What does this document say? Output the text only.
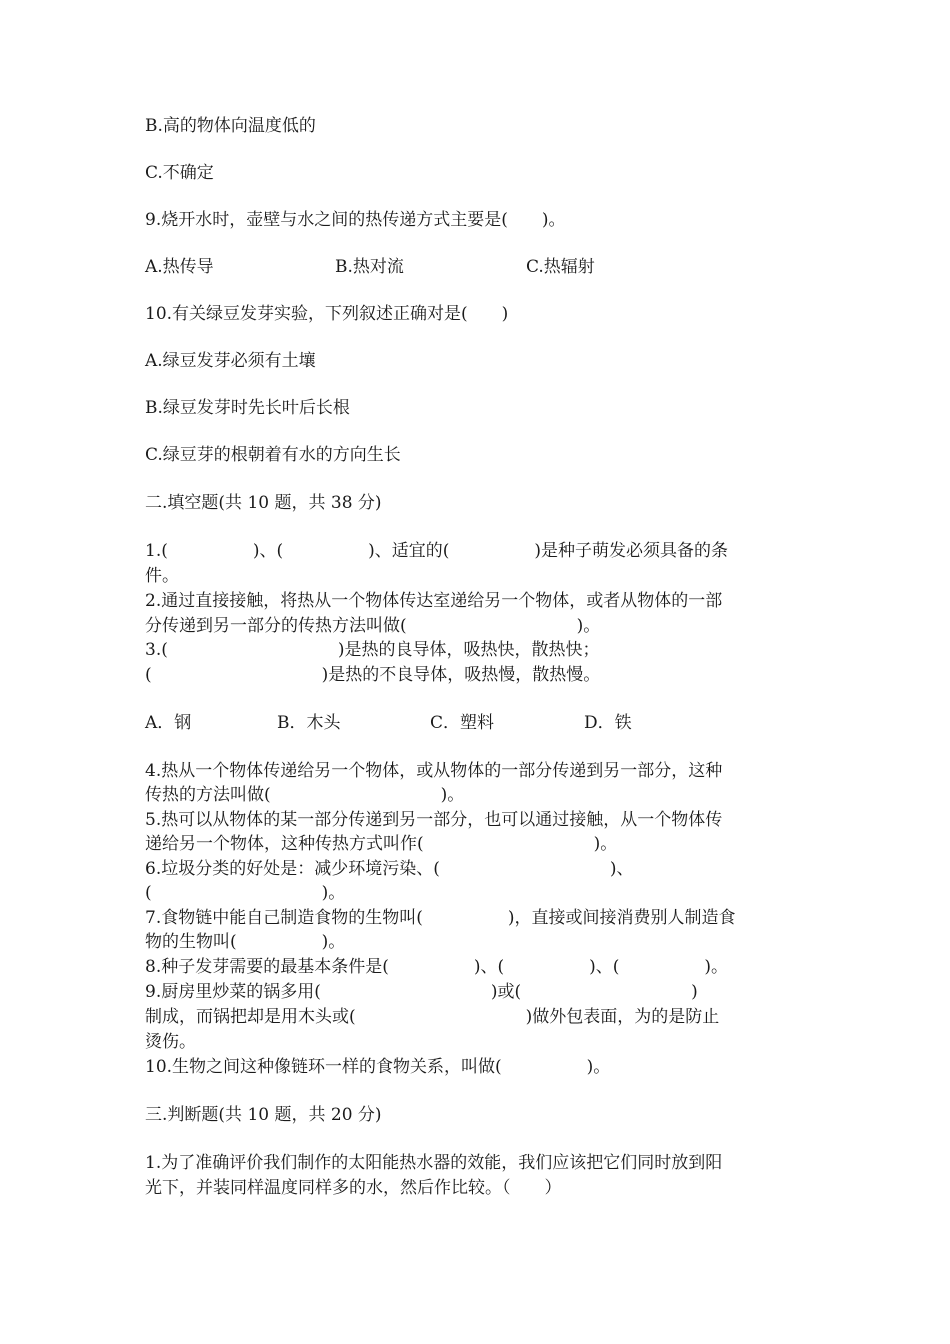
B.高的物体向温度低的
C.不确定
9.烧开水时，壶壁与水之间的热传递方式主要是(　　)。
A.热传导	B.热对流	C.热辐射
10.有关绿豆发芽实验，下列叙述正确对是(　　)
A.绿豆发芽必须有土壤
B.绿豆发芽时先长叶后长根
C.绿豆芽的根朝着有水的方向生长
二.填空题(共 10 题，共 38 分)
1.(　　　　　)、(　　　　　)、适宜的(　　　　　)是种子萌发必须具备的条
件。
2.通过直接接触，将热从一个物体传达室递给另一个物体，或者从物体的一部
分传递到另一部分的传热方法叫做(　　　　　　　　　　)。
3.(　　　　　　　　　　)是热的良导体，吸热快，散热快；
(　　　　　　　　　　)是热的不良导体，吸热慢，散热慢。
A．钢	B．木头	C．塑料	D．铁
4.热从一个物体传递给另一个物体，或从物体的一部分传递到另一部分，这种
传热的方法叫做(　　　　　　　　　　)。
5.热可以从物体的某一部分传递到另一部分，也可以通过接触，从一个物体传
递给另一个物体，这种传热方式叫作(　　　　　　　　　　)。
6.垃圾分类的好处是：减少环境污染、(　　　　　　　　　　)、
(　　　　　　　　　　)。
7.食物链中能自己制造食物的生物叫(　　　　　)，直接或间接消费别人制造食
物的生物叫(　　　　　)。
8.种子发芽需要的最基本条件是(　　　　　)、(　　　　　)、(　　　　　)。
9.厨房里炒菜的锅多用(　　　　　　　　　　)或(　　　　　　　　　　)
制成，而锅把却是用木头或(　　　　　　　　　　)做外包表面，为的是防止
烫伤。
10.生物之间这种像链环一样的食物关系，叫做(　　　　　)。
三.判断题(共 10 题，共 20 分)
1.为了准确评价我们制作的太阳能热水器的效能，我们应该把它们同时放到阳
光下，并装同样温度同样多的水，然后作比较。（　　）
